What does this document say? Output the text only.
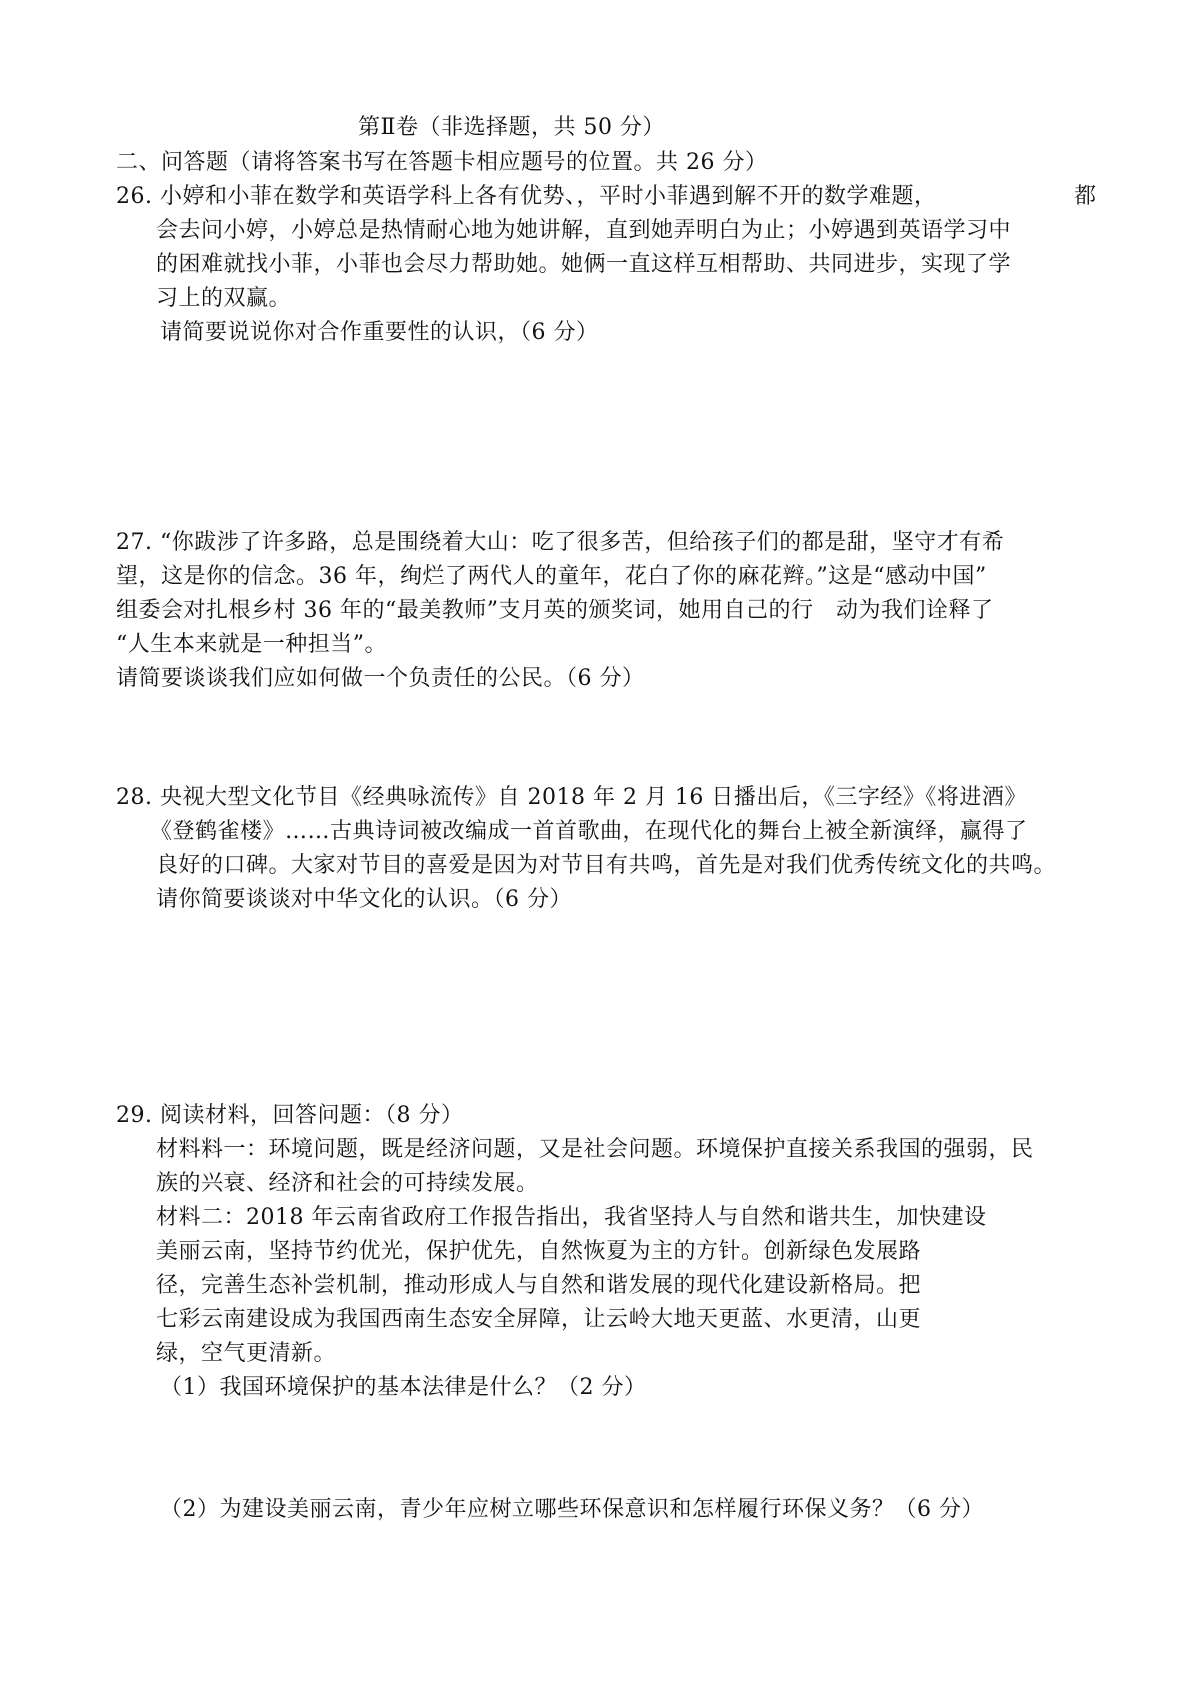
第Ⅱ卷（非选择题，共 50 分）
二、问答题（请将答案书写在答题卡相应题号的位置。共 26 分）
26. 小婷和小菲在数学和英语学科上各有优势、，平时小菲遇到解不开的数学难题，	都
会去问小婷，小婷总是热情耐心地为她讲解，直到她弄明白为止；小婷遇到英语学习中
的困难就找小菲，小菲也会尽力帮助她。她俩一直这样互相帮助、共同进步，实现了学
习上的双赢。
请简要说说你对合作重要性的认识，（6 分）
27. “你跋涉了许多路，总是围绕着大山：吃了很多苦，但给孩子们的都是甜，坚守才有希
望，这是你的信念。36 年，绚烂了两代人的童年，花白了你的麻花辫。”这是“感动中国”
组委会对扎根乡村 36 年的“最美教师”支月英的颁奖词，她用自己的行　动为我们诠释了
“人生本来就是一种担当”。
请简要谈谈我们应如何做一个负责任的公民。（6 分）
28. 央视大型文化节目《经典咏流传》自 2018 年 2 月 16 日播出后，《三字经》《将进酒》
《登鹤雀楼》……古典诗词被改编成一首首歌曲，在现代化的舞台上被全新演绎，赢得了
良好的口碑。大家对节目的喜爱是因为对节目有共鸣，首先是对我们优秀传统文化的共鸣。
请你简要谈谈对中华文化的认识。（6 分）
29. 阅读材料，回答问题：（8 分）
材料料一：环境问题，既是经济问题，又是社会问题。环境保护直接关系我国的强弱，民
族的兴衰、经济和社会的可持续发展。
材料二：2018 年云南省政府工作报告指出，我省坚持人与自然和谐共生，加快建设
美丽云南，坚持节约优光，保护优先，自然恢夏为主的方针。创新绿色发展路
径，完善生态补尝机制，推动形成人与自然和谐发展的现代化建设新格局。把
七彩云南建设成为我国西南生态安全屏障，让云岭大地天更蓝、水更清，山更
绿，空气更清新。
（1）我国环境保护的基本法律是什么？（2 分）
（2）为建设美丽云南，青少年应树立哪些环保意识和怎样履行环保义务？（6 分）
